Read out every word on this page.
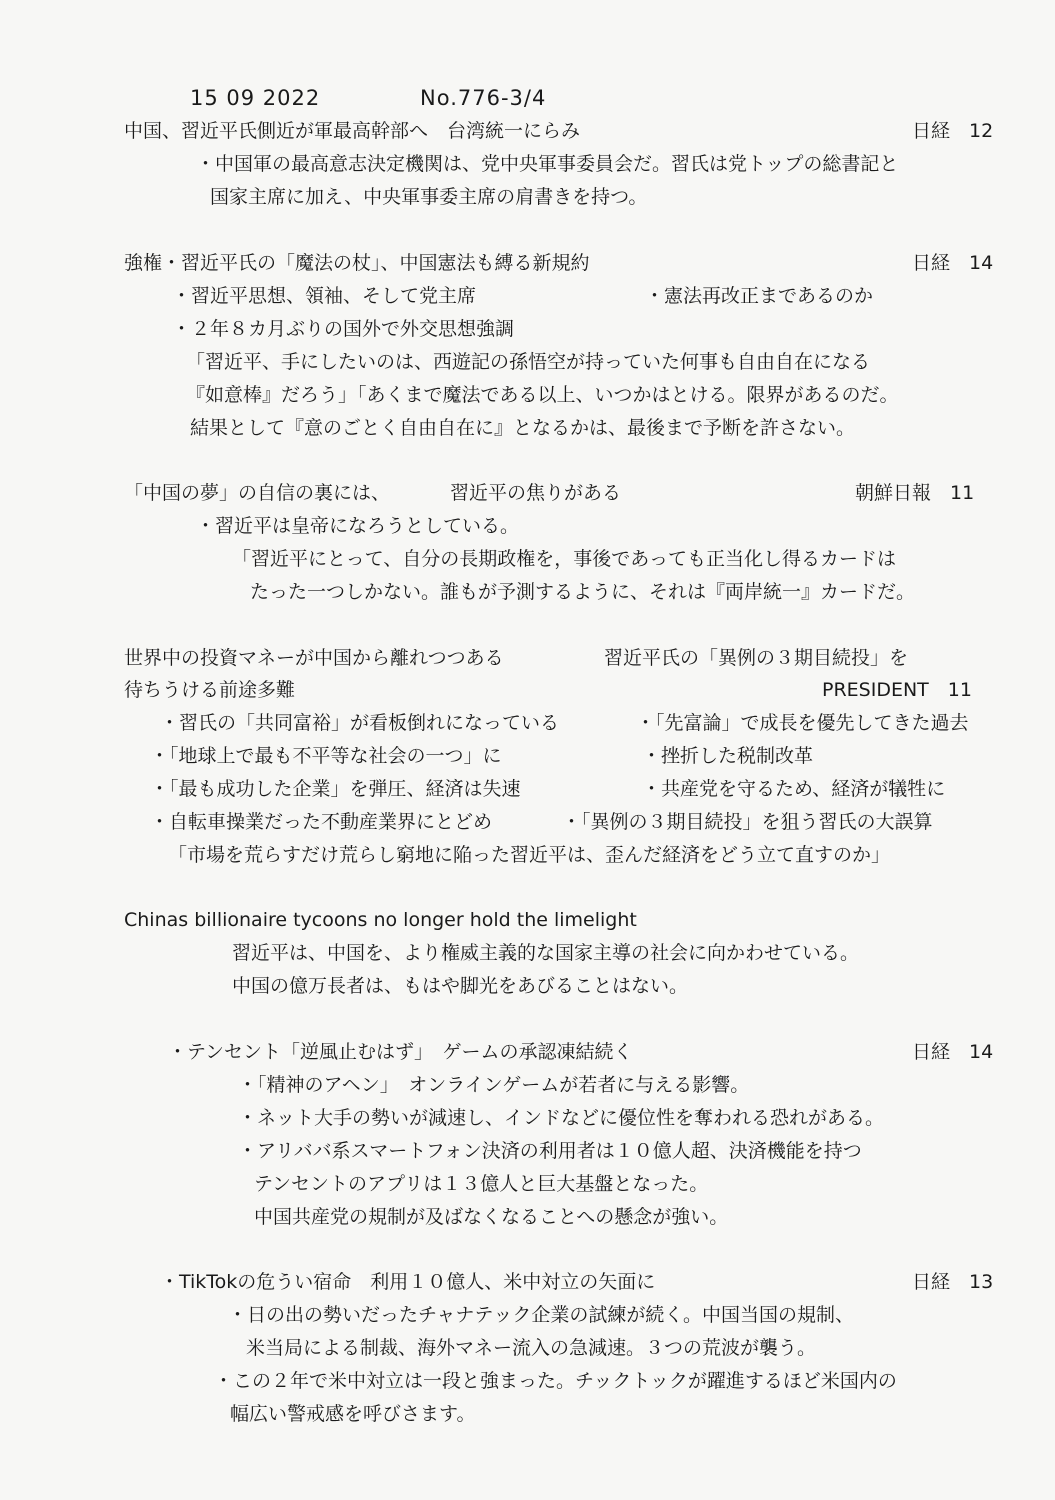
15 09 2022	No.776-3/4
中国、習近平氏側近が軍最高幹部へ　台湾統一にらみ	日経　12
・中国軍の最高意志決定機関は、党中央軍事委員会だ。習氏は党トップの総書記と
国家主席に加え、中央軍事委主席の肩書きを持つ。
強権・習近平氏の「魔法の杖」、中国憲法も縛る新規約	日経　14
・習近平思想、領袖、そして党主席	・憲法再改正まであるのか
・２年８カ月ぶりの国外で外交思想強調
「習近平、手にしたいのは、西遊記の孫悟空が持っていた何事も自由自在になる
『如意棒』だろう」「あくまで魔法である以上、いつかはとける。限界があるのだ。
結果として『意のごとく自由自在に』となるかは、最後まで予断を許さない。
「中国の夢」の自信の裏には、	習近平の焦りがある	朝鮮日報　11
・習近平は皇帝になろうとしている。
「習近平にとって、自分の長期政権を，事後であっても正当化し得るカードは
たった一つしかない。誰もが予測するように、それは『両岸統一』カードだ。
世界中の投資マネーが中国から離れつつある	習近平氏の「異例の３期目続投」を
待ちうける前途多難	PRESIDENT　11
・習氏の「共同富裕」が看板倒れになっている	・「先富論」で成長を優先してきた過去
・「地球上で最も不平等な社会の一つ」に	・挫折した税制改革
・「最も成功した企業」を弾圧、経済は失速	・共産党を守るため、経済が犠牲に
・自転車操業だった不動産業界にとどめ	・「異例の３期目続投」を狙う習氏の大誤算
「市場を荒らすだけ荒らし窮地に陥った習近平は、歪んだ経済をどう立て直すのか」
Chinas billionaire tycoons no longer hold the limelight
習近平は、中国を、より権威主義的な国家主導の社会に向かわせている。
中国の億万長者は、もはや脚光をあびることはない。
・テンセント「逆風止むはず」　ゲームの承認凍結続く	日経　14
・「精神のアヘン」　オンラインゲームが若者に与える影響。
・ネット大手の勢いが減速し、インドなどに優位性を奪われる恐れがある。
・アリババ系スマートフォン決済の利用者は１０億人超、決済機能を持つ
テンセントのアプリは１３億人と巨大基盤となった。
中国共産党の規制が及ばなくなることへの懸念が強い。
・TikTokの危うい宿命　利用１０億人、米中対立の矢面に	日経　13
・日の出の勢いだったチャナテック企業の試練が続く。中国当国の規制、
米当局による制裁、海外マネー流入の急減速。３つの荒波が襲う。
・この２年で米中対立は一段と強まった。チックトックが躍進するほど米国内の
幅広い警戒感を呼びさます。
